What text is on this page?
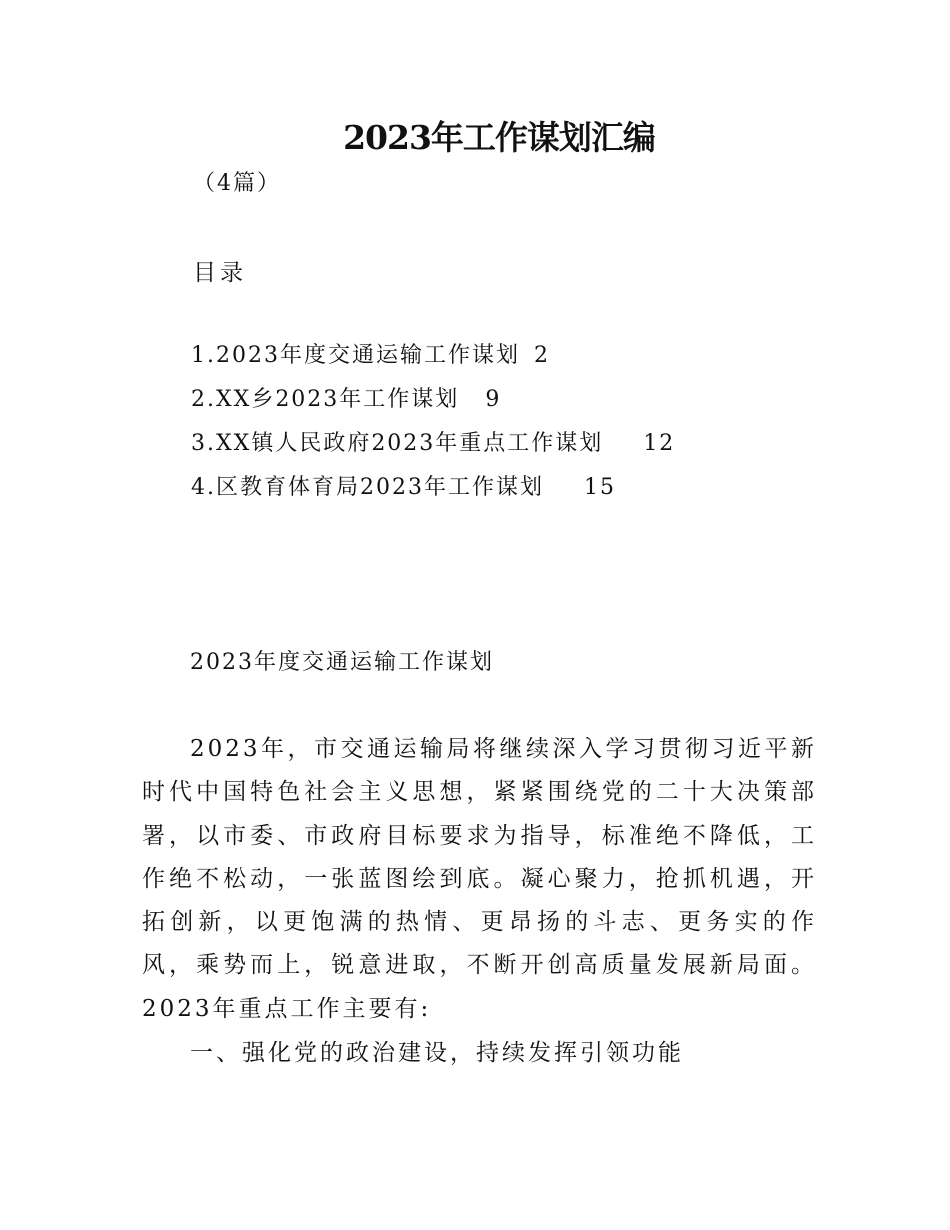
2023年工作谋划汇编
（4篇）
目录
1.2023年度交通运输工作谋划 2
2.XX乡2023年工作谋划 9
3.XX镇人民政府2023年重点工作谋划 12
4.区教育体育局2023年工作谋划 15
2023年度交通运输工作谋划

2023年，市交通运输局将继续深入学习贯彻习近平新时代中国特色社会主义思想，紧紧围绕党的二十大决策部署，以市委、市政府目标要求为指导，标准绝不降低，工作绝不松动，一张蓝图绘到底。凝心聚力，抢抓机遇，开拓创新，以更饱满的热情、更昂扬的斗志、更务实的作风，乘势而上，锐意进取，不断开创高质量发展新局面。2023年重点工作主要有:

一、强化党的政治建设，持续发挥引领功能
